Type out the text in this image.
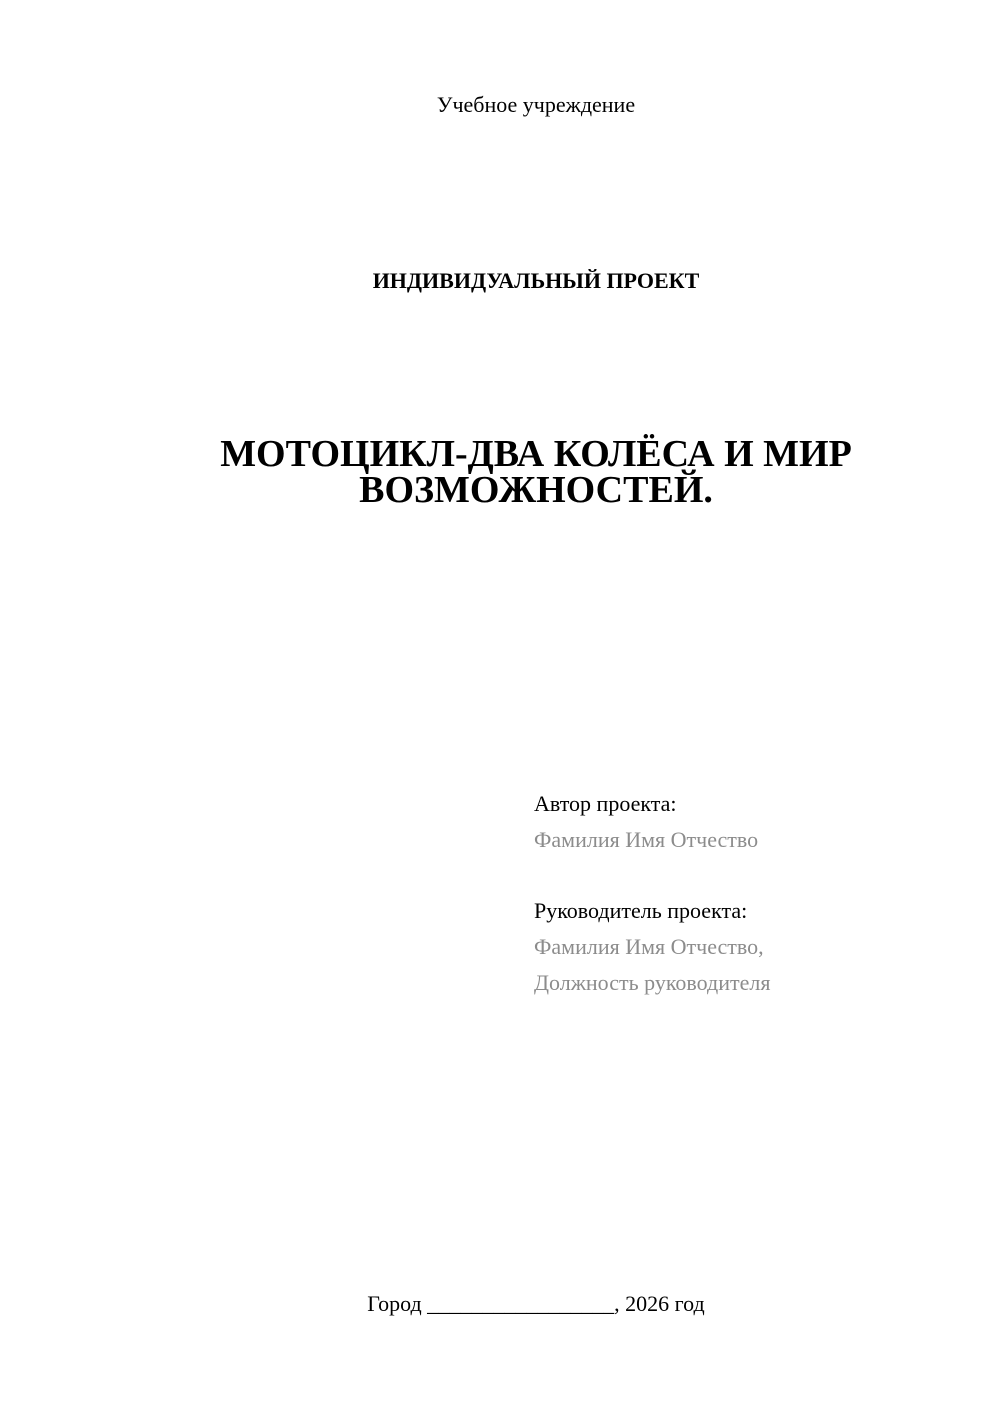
Учебное учреждение
ИНДИВИДУАЛЬНЫЙ ПРОЕКТ
МОТОЦИКЛ-ДВА КОЛЁСА И МИР
ВОЗМОЖНОСТЕЙ.
Автор проекта:
Фамилия Имя Отчество
Руководитель проекта:
Фамилия Имя Отчество,
Должность руководителя
Город _________________, 2026 год
